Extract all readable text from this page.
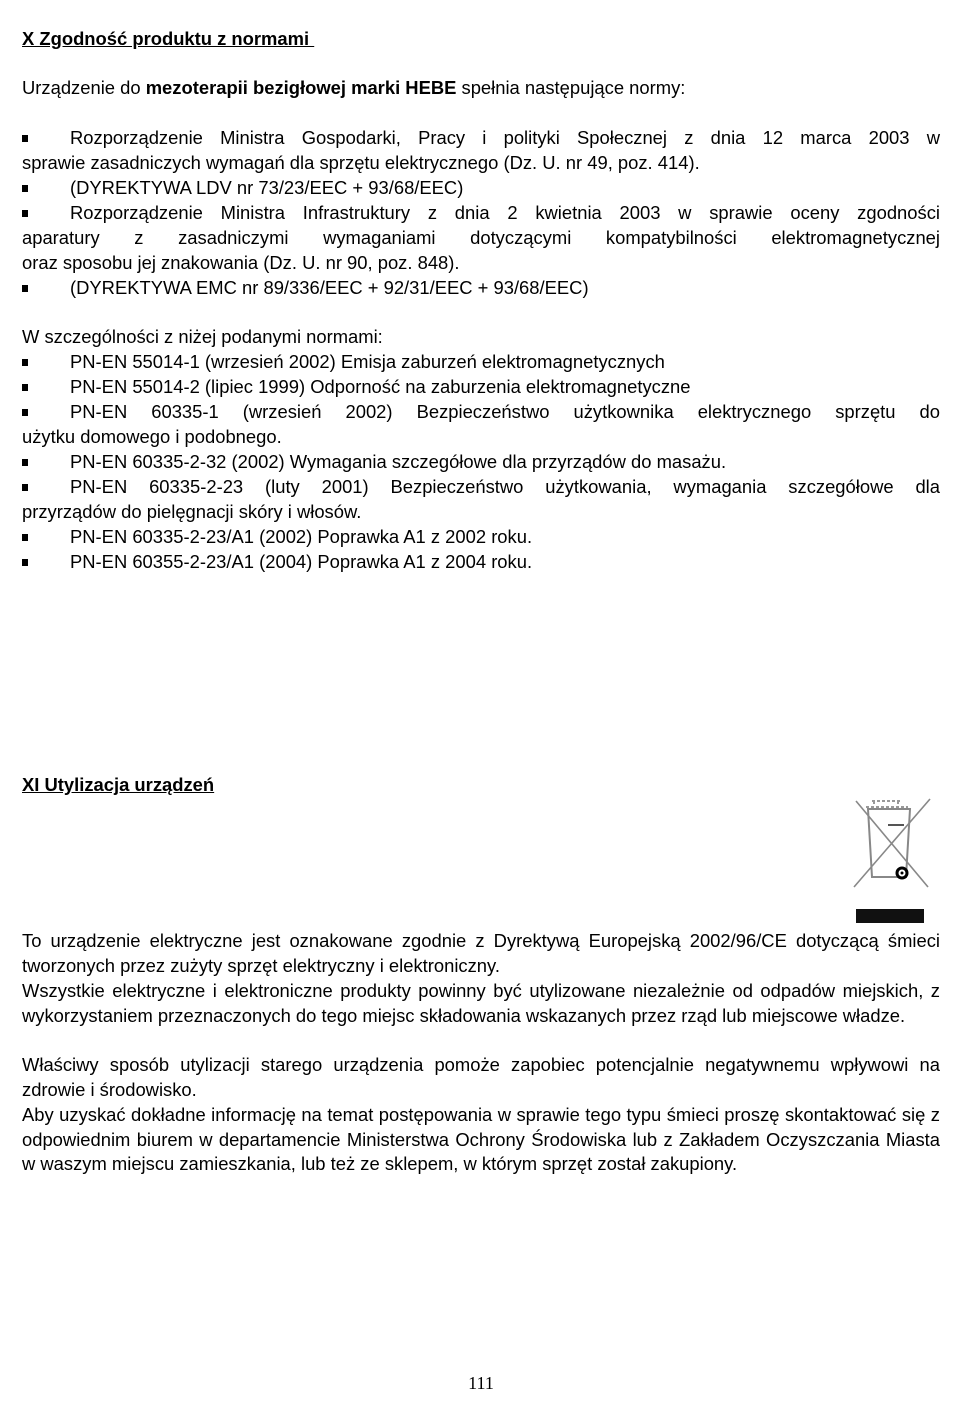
X Zgodność produktu z normami
Urządzenie do mezoterapii bezigłowej marki HEBE spełnia następujące normy:
Rozporządzenie Ministra Gospodarki, Pracy i polityki Społecznej z dnia 12 marca 2003 w
sprawie zasadniczych wymagań dla sprzętu elektrycznego (Dz. U. nr 49, poz. 414).
(DYREKTYWA LDV nr 73/23/EEC + 93/68/EEC)
Rozporządzenie Ministra Infrastruktury z dnia 2 kwietnia 2003 w sprawie oceny zgodności
aparatury z zasadniczymi wymaganiami dotyczącymi kompatybilności elektromagnetycznej
oraz sposobu jej znakowania (Dz. U. nr 90, poz. 848).
(DYREKTYWA EMC nr 89/336/EEC + 92/31/EEC + 93/68/EEC)
W szczególności z niżej podanymi normami:
PN-EN 55014-1 (wrzesień 2002) Emisja zaburzeń elektromagnetycznych
PN-EN 55014-2 (lipiec 1999) Odporność na zaburzenia elektromagnetyczne
PN-EN 60335-1 (wrzesień 2002) Bezpieczeństwo użytkownika elektrycznego sprzętu do
użytku domowego i podobnego.
PN-EN 60335-2-32 (2002) Wymagania szczegółowe dla przyrządów do masażu.
PN-EN 60335-2-23 (luty 2001) Bezpieczeństwo użytkowania, wymagania szczegółowe dla
przyrządów do pielęgnacji skóry i włosów.
PN-EN 60335-2-23/A1 (2002) Poprawka A1 z 2002 roku.
PN-EN 60355-2-23/A1 (2004) Poprawka A1 z 2004 roku.
XI Utylizacja urządzeń
To urządzenie elektryczne jest oznakowane zgodnie z Dyrektywą Europejską 2002/96/CE dotyczącą śmieci tworzonych przez zużyty sprzęt elektryczny i elektroniczny.
Wszystkie elektryczne i elektroniczne produkty powinny być utylizowane niezależnie od odpadów miejskich, z wykorzystaniem przeznaczonych do tego miejsc składowania wskazanych przez rząd lub miejscowe władze.
Właściwy sposób utylizacji starego urządzenia pomoże zapobiec potencjalnie negatywnemu wpływowi na zdrowie i środowisko.
Aby uzyskać dokładne informację na temat postępowania w sprawie tego typu śmieci proszę skontaktować się z odpowiednim biurem w departamencie Ministerstwa Ochrony Środowiska lub z Zakładem Oczyszczania Miasta w waszym miejscu zamieszkania, lub też ze sklepem, w którym sprzęt został zakupiony.
111
